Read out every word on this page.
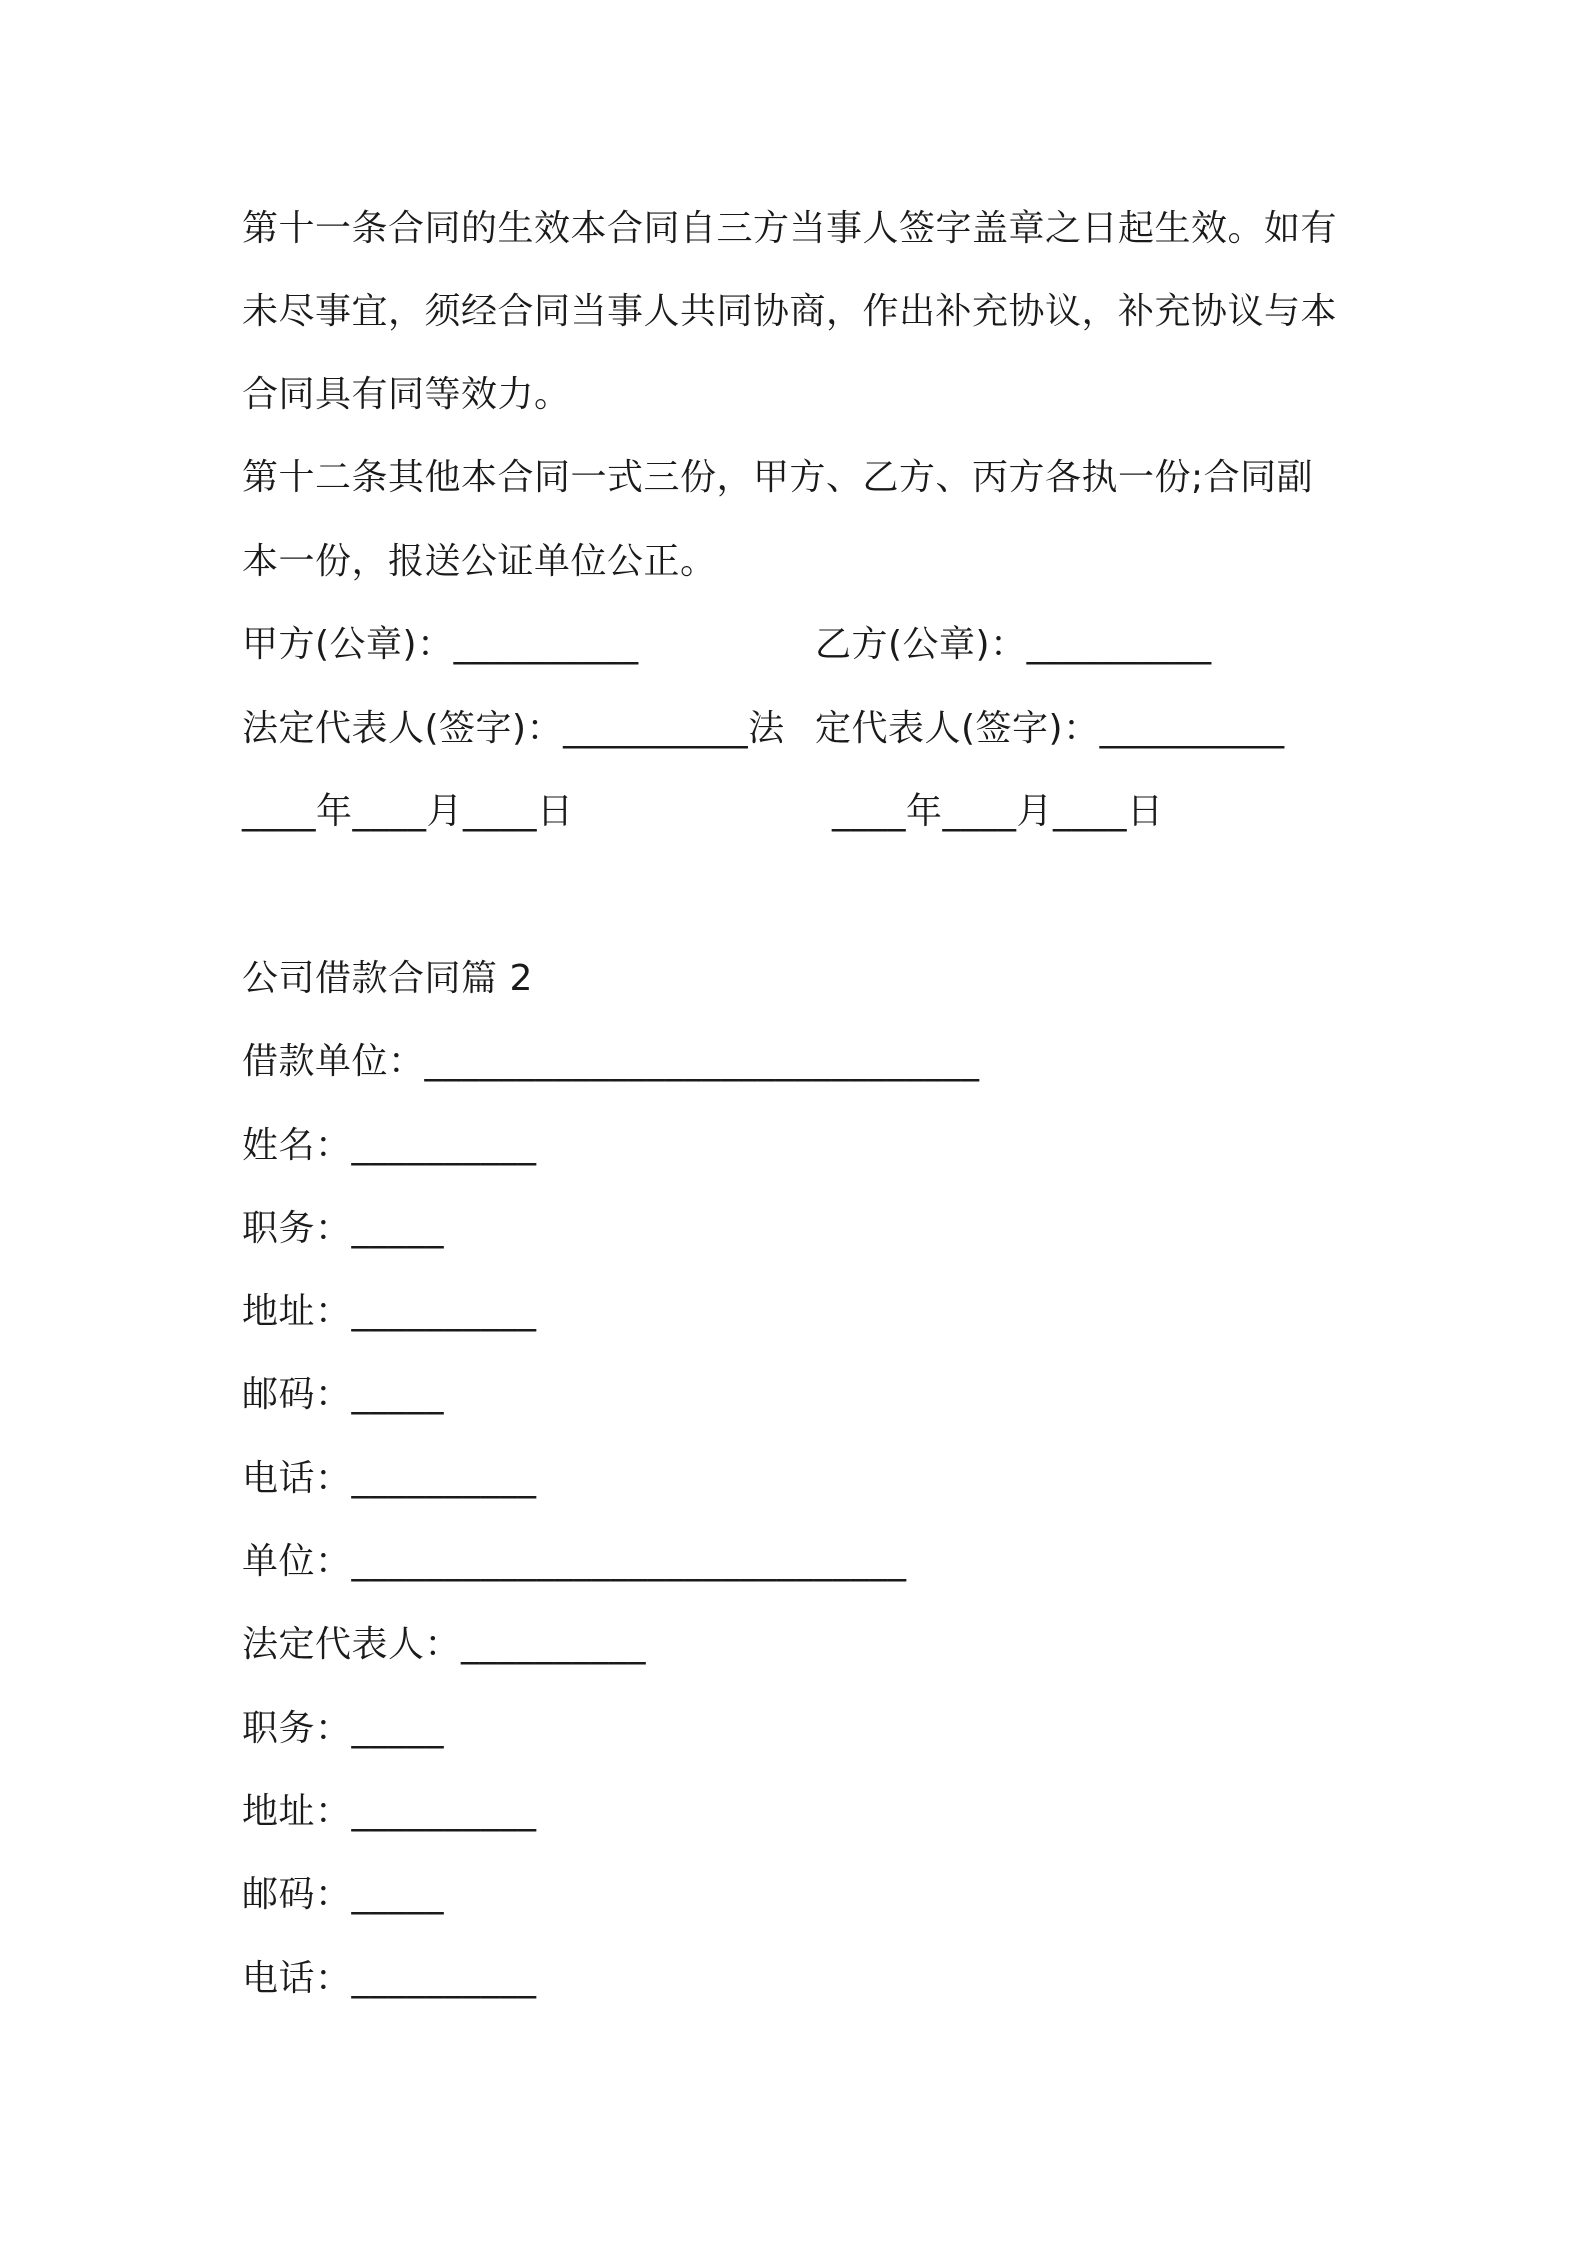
第十一条合同的生效本合同自三方当事人签字盖章之日起生效。如有
未尽事宜，须经合同当事人共同协商，作出补充协议，补充协议与本
合同具有同等效力。
第十二条其他本合同一式三份，甲方、乙方、丙方各执一份;合同副
本一份，报送公证单位公正。
甲方(公章)：__________	乙方(公章)：__________
法定代表人(签字)：__________法 定代表人(签字)：__________
____年____月____日	____年____月____日
公司借款合同篇 2
借款单位：______________________________
姓名：__________
职务：_____
地址：__________
邮码：_____
电话：__________
单位：______________________________
法定代表人：__________
职务：_____
地址：__________
邮码：_____
电话：__________
